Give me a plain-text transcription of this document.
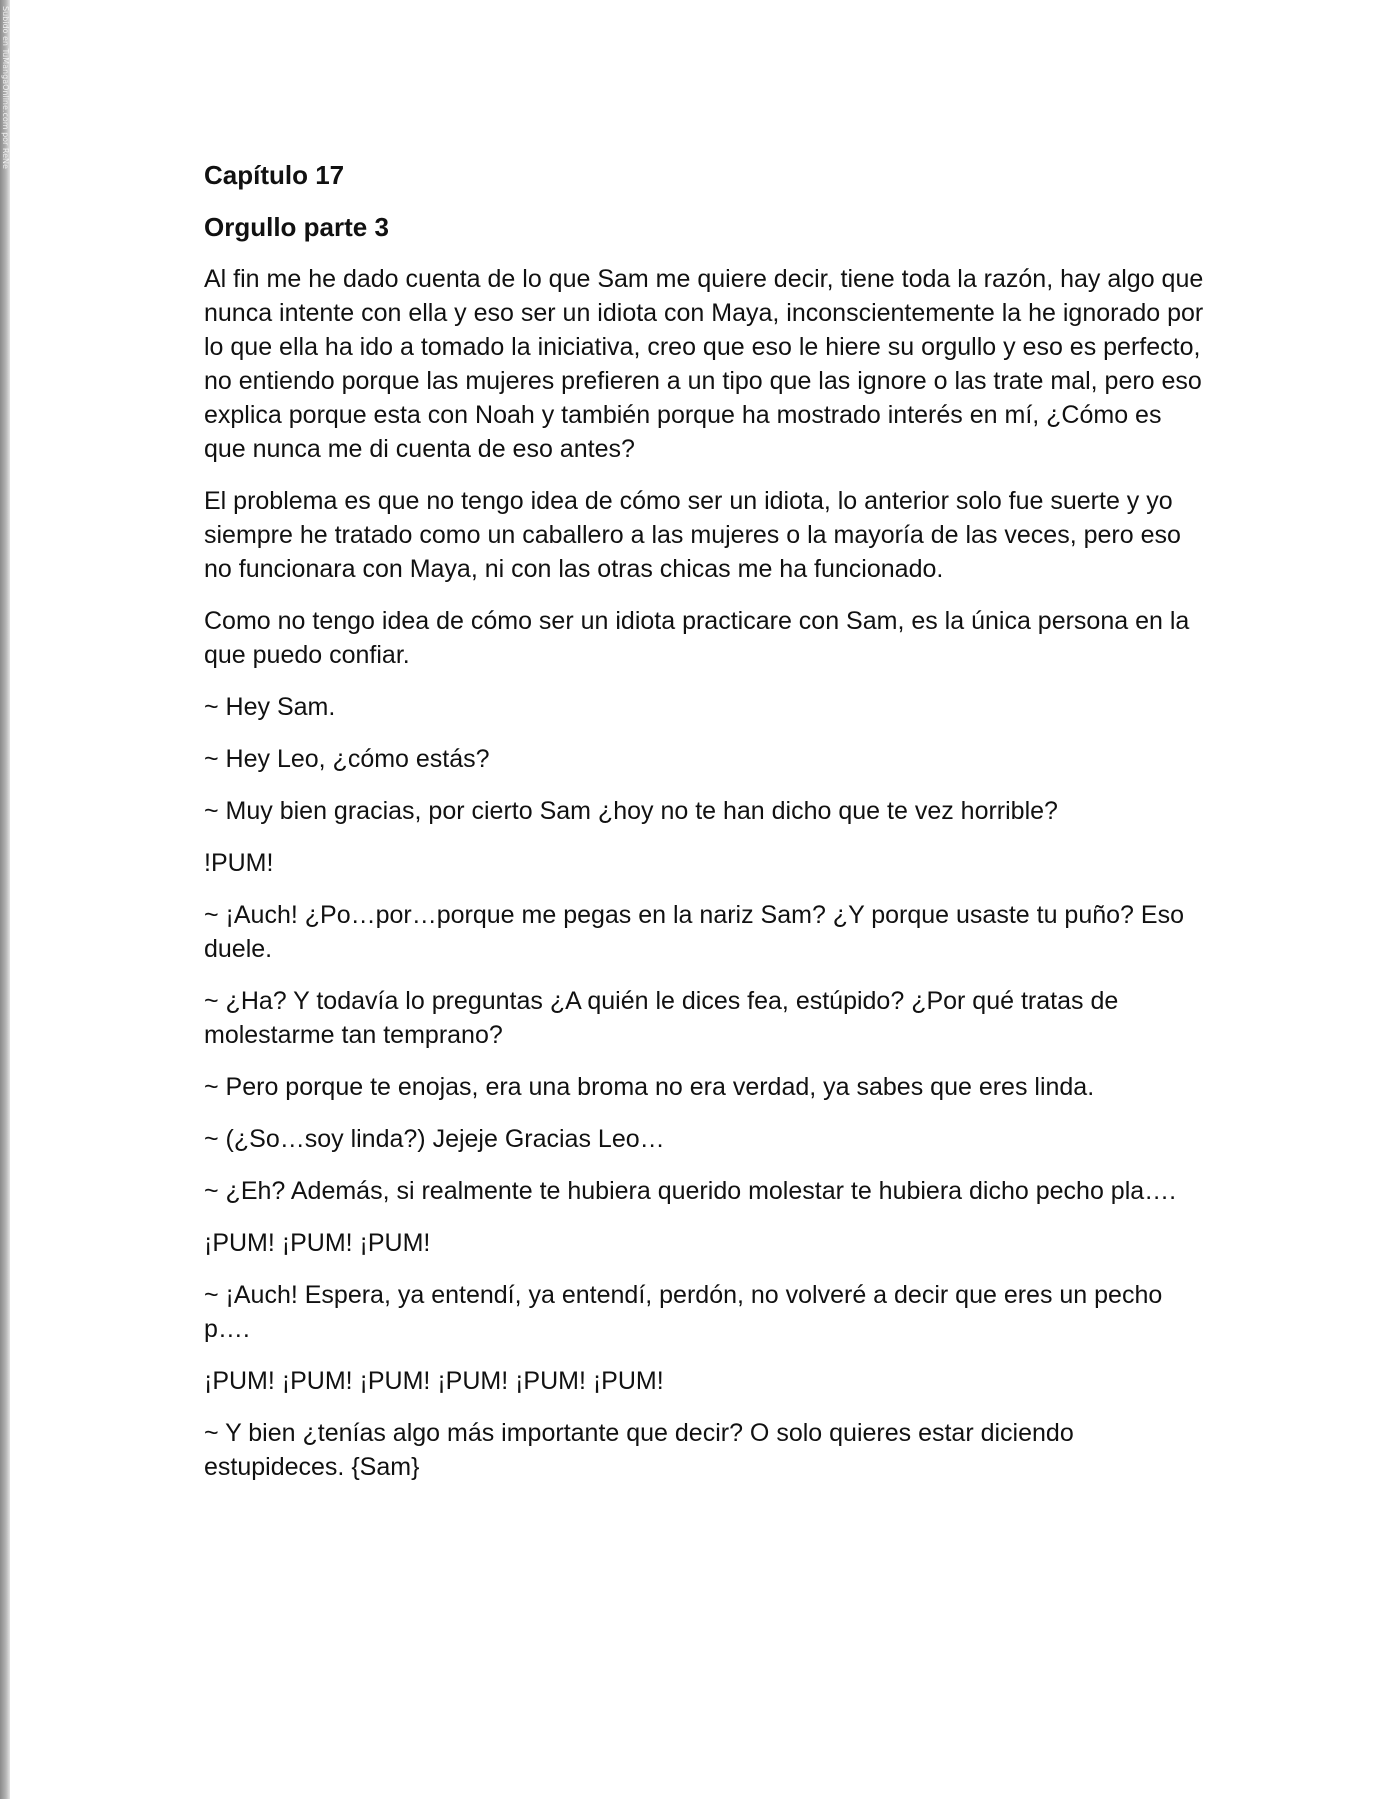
Subido en TuMangaOnline.com por ReNe
Capítulo 17
Orgullo parte 3

Al fin me he dado cuenta de lo que Sam me quiere decir, tiene toda la razón, hay algo que nunca intente con ella y eso ser un idiota con Maya, inconscientemente la he ignorado por lo que ella ha ido a tomado la iniciativa, creo que eso le hiere su orgullo y eso es perfecto, no entiendo porque las mujeres prefieren a un tipo que las ignore o las trate mal, pero eso explica porque esta con Noah y también porque ha mostrado interés en mí, ¿Cómo es que nunca me di cuenta de eso antes?

El problema es que no tengo idea de cómo ser un idiota, lo anterior solo fue suerte y yo siempre he tratado como un caballero a las mujeres o la mayoría de las veces, pero eso no funcionara con Maya, ni con las otras chicas me ha funcionado.

Como no tengo idea de cómo ser un idiota practicare con Sam, es la única persona en la que puedo confiar.

~ Hey Sam.

~ Hey Leo, ¿cómo estás?

~ Muy bien gracias, por cierto Sam ¿hoy no te han dicho que te vez horrible?

!PUM!

~ ¡Auch! ¿Po…por…porque me pegas en la nariz Sam? ¿Y porque usaste tu puño? Eso duele.

~ ¿Ha? Y todavía lo preguntas ¿A quién le dices fea, estúpido? ¿Por qué tratas de molestarme tan temprano?

~ Pero porque te enojas, era una broma no era verdad, ya sabes que eres linda.

~ (¿So…soy linda?) Jejeje Gracias Leo…

~ ¿Eh? Además, si realmente te hubiera querido molestar te hubiera dicho pecho pla….

¡PUM! ¡PUM! ¡PUM!

~ ¡Auch! Espera, ya entendí, ya entendí, perdón, no volveré a decir que eres un pecho p….

¡PUM! ¡PUM! ¡PUM! ¡PUM! ¡PUM! ¡PUM!

~ Y bien ¿tenías algo más importante que decir? O solo quieres estar diciendo estupideces. {Sam}
